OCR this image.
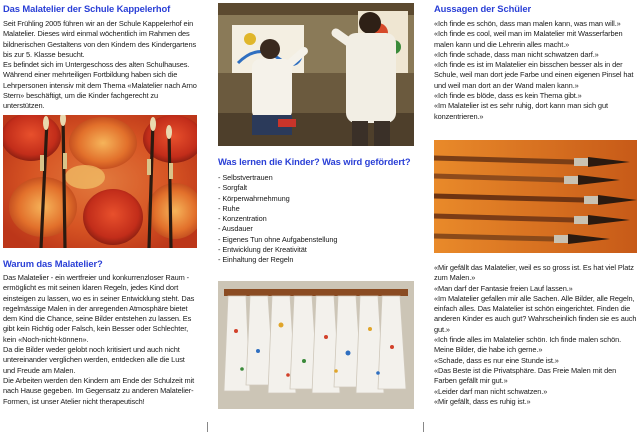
Das Malatelier der Schule Kappelerhof

Seit Frühling 2005 führen wir an der Schule Kappelerhof ein Malatelier. Dieses wird einmal wöchentlich im Rahmen des bildnerischen Gestaltens von den Kindern des Kindergartens bis zur 5. Klasse besucht.

Es befindet sich im Untergeschoss des alten Schulhauses.

Während einer mehrteiligen Fortbildung haben sich die Lehrpersonen intensiv mit dem Thema «Malatelier nach Arno Stern» beschäftigt, um die Kinder fachgerecht zu unterstützen.

Warum das Malatelier?

Das Malatelier - ein wertfreier und konkurrenzloser Raum - ermöglicht es mit seinen klaren Regeln, jedes Kind dort einsteigen zu lassen, wo es in seiner Entwicklung steht. Das regelmässige Malen in der anregenden Atmosphäre bietet dem Kind die Chance, seine Bilder entstehen zu lassen. Es gibt kein Richtig oder Falsch, kein Besser oder Schlechter, kein «Noch-nicht-können».

Da die Bilder weder gelobt noch kritisiert und auch nicht untereinander verglichen werden, entdecken alle die Lust und Freude am Malen.

Die Arbeiten werden den Kindern am Ende der Schulzeit mit nach Hause gegeben. Im Gegensatz zu anderen Malatelier-Formen, ist unser Atelier nicht therapeutisch!

Was lernen die Kinder? Was wird gefördert?
- Selbstvertrauen
- Sorgfalt
- Körperwahrnehmung
- Ruhe
- Konzentration
- Ausdauer
- Eigenes Tun ohne Aufgabenstellung
- Entwicklung der Kreativität
- Einhaltung der Regeln
Aussagen der Schüler

«Ich finde es schön, dass man malen kann, was man will.»

«Ich finde es cool, weil man im Malatelier mit Wasserfarben malen kann und die Lehrerin alles macht.»

«Ich finde schade, dass man nicht schwatzen darf.»

«Ich finde es ist im Malatelier ein bisschen besser als in der Schule, weil man dort jede Farbe und einen eigenen Pinsel hat und weil man dort an der Wand malen kann.»

«Ich finde es blöde, dass es kein Thema gibt.»

«Im Malatelier ist es sehr ruhig, dort kann man sich gut konzentrieren.»

«Mir gefällt das Malatelier, weil es so gross ist. Es hat viel Platz zum Malen.»

«Man darf der Fantasie freien Lauf lassen.»

«Im Malatelier gefallen mir alle Sachen. Alle Bilder, alle Regeln, einfach alles. Das Malatelier ist schön eingerichtet. Finden die anderen Kinder es auch gut? Wahrscheinlich finden sie es auch gut.»

«Ich finde alles im Malatelier schön. Ich finde malen schön. Meine Bilder, die habe ich gerne.»

«Schade, dass es nur eine Stunde ist.»

«Das Beste ist die Privatsphäre. Das Freie Malen mit den Farben gefällt mir gut.»

«Leider darf man nicht schwatzen.»

«Mir gefällt, dass es ruhig ist.»
